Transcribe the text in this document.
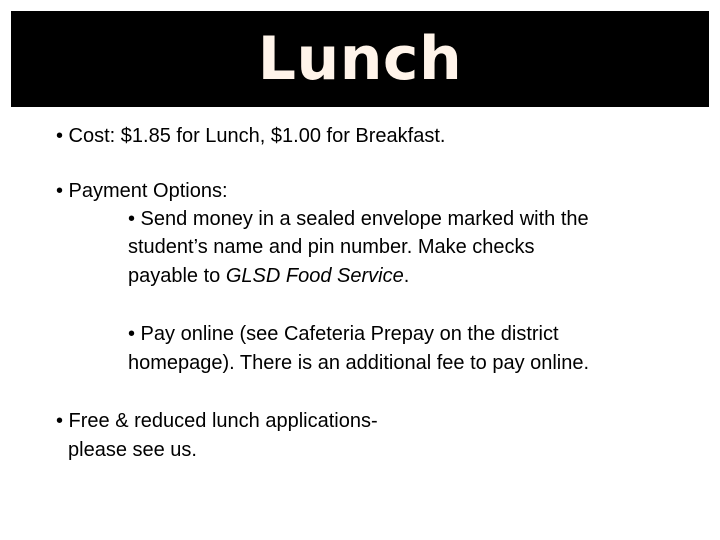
Lunch
• Cost: $1.85 for Lunch, $1.00 for Breakfast.
• Payment Options:
• Send money in a sealed envelope marked with the
student’s name and pin number. Make checks
payable to GLSD Food Service.
• Pay online (see Cafeteria Prepay on the district
homepage). There is an additional fee to pay online.
• Free & reduced lunch applications-
please see us.
